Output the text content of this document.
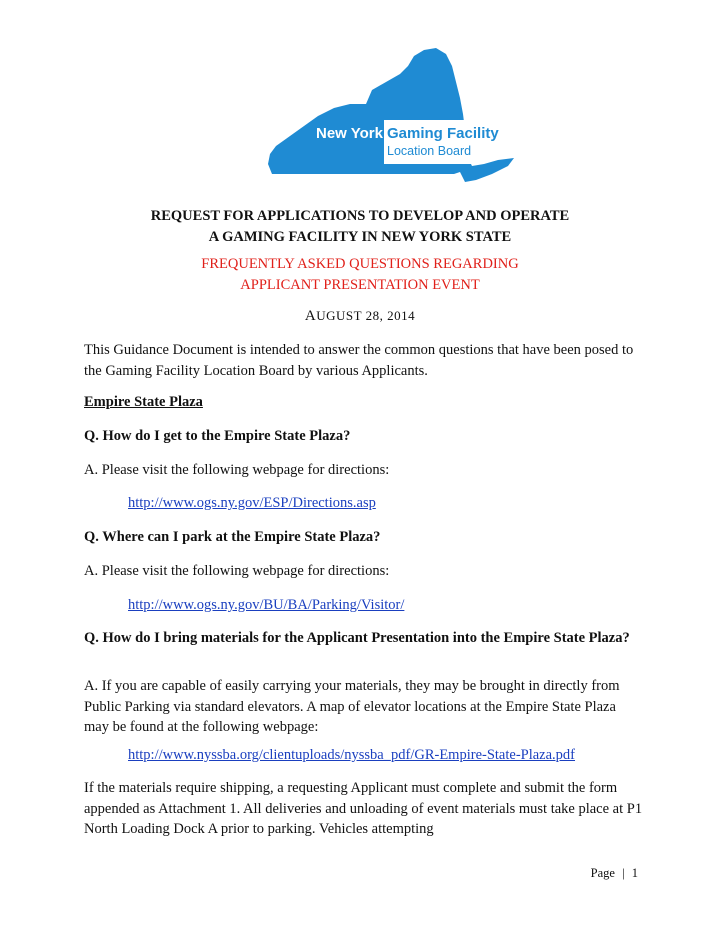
New York Gaming Facility
Location Board
REQUEST FOR APPLICATIONS TO DEVELOP AND OPERATE
A GAMING FACILITY IN NEW YORK STATE
FREQUENTLY ASKED QUESTIONS REGARDING
APPLICANT PRESENTATION EVENT
AUGUST 28, 2014

This Guidance Document is intended to answer the common questions that have been posed to the Gaming Facility Location Board by various Applicants.

Empire State Plaza

Q. How do I get to the Empire State Plaza?

A. Please visit the following webpage for directions:

http://www.ogs.ny.gov/ESP/Directions.asp

Q. Where can I park at the Empire State Plaza?

A. Please visit the following webpage for directions:

http://www.ogs.ny.gov/BU/BA/Parking/Visitor/

Q. How do I bring materials for the Applicant Presentation into the Empire State Plaza?

A. If you are capable of easily carrying your materials, they may be brought in directly from Public Parking via standard elevators. A map of elevator locations at the Empire State Plaza may be found at the following webpage:

http://www.nyssba.org/clientuploads/nyssba_pdf/GR-Empire-State-Plaza.pdf

If the materials require shipping, a requesting Applicant must complete and submit the form appended as Attachment 1. All deliveries and unloading of event materials must take place at P1 North Loading Dock A prior to parking. Vehicles attempting

Page | 1
